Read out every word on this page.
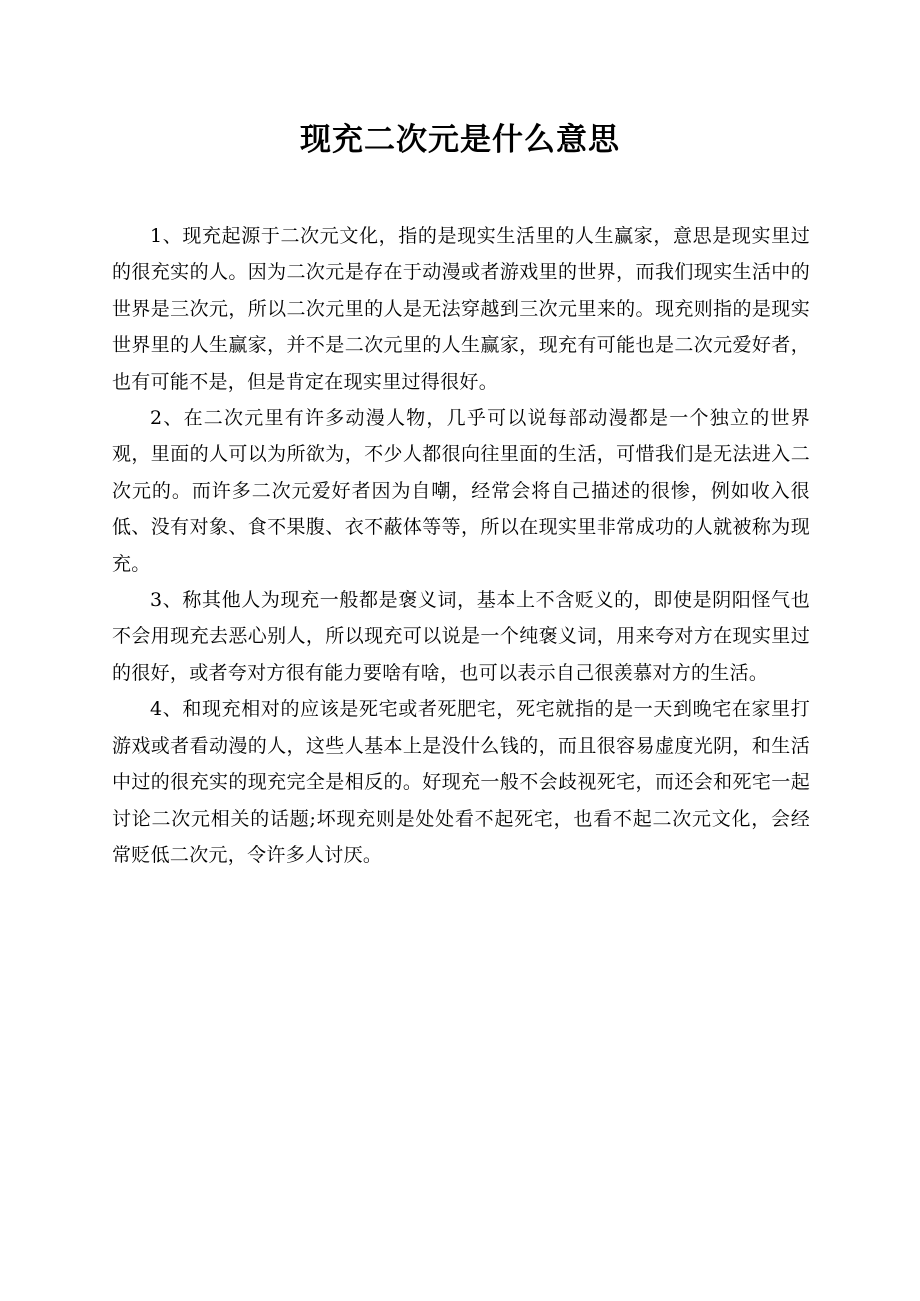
现充二次元是什么意思

1、现充起源于二次元文化，指的是现实生活里的人生赢家，意思是现实里过的很充实的人。因为二次元是存在于动漫或者游戏里的世界，而我们现实生活中的世界是三次元，所以二次元里的人是无法穿越到三次元里来的。现充则指的是现实世界里的人生赢家，并不是二次元里的人生赢家，现充有可能也是二次元爱好者，也有可能不是，但是肯定在现实里过得很好。

2、在二次元里有许多动漫人物，几乎可以说每部动漫都是一个独立的世界观，里面的人可以为所欲为，不少人都很向往里面的生活，可惜我们是无法进入二次元的。而许多二次元爱好者因为自嘲，经常会将自己描述的很惨，例如收入很低、没有对象、食不果腹、衣不蔽体等等，所以在现实里非常成功的人就被称为现充。

3、称其他人为现充一般都是褒义词，基本上不含贬义的，即使是阴阳怪气也不会用现充去恶心别人，所以现充可以说是一个纯褒义词，用来夸对方在现实里过的很好，或者夸对方很有能力要啥有啥，也可以表示自己很羡慕对方的生活。

4、和现充相对的应该是死宅或者死肥宅，死宅就指的是一天到晚宅在家里打游戏或者看动漫的人，这些人基本上是没什么钱的，而且很容易虚度光阴，和生活中过的很充实的现充完全是相反的。好现充一般不会歧视死宅，而还会和死宅一起讨论二次元相关的话题;坏现充则是处处看不起死宅，也看不起二次元文化，会经常贬低二次元，令许多人讨厌。
